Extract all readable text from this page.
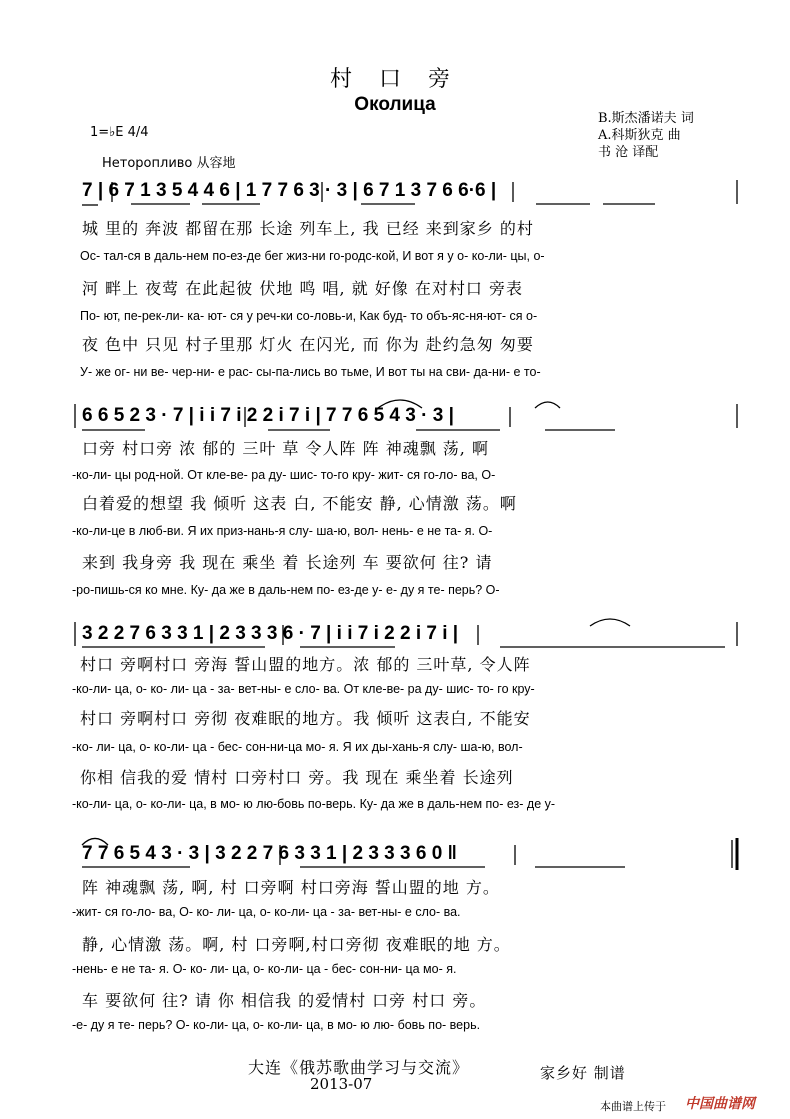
村 口 旁
Околица
1=♭E 4/4
Неторопливо 从容地
B.斯杰潘诺夫 词
A.科斯狄克 曲
书 沧 译配
7 | 6 7 1 3 5 4 4 6 | 1 7 7 6 3 · 3 | 6 7 1 3 7 6 6·6 |
城 里的 奔波 都留在那 长途 列车上, 我 已经 来到家乡 的村
Ос- тал-ся в даль-нем по-ез-де бег жиз-ни го-родс-кой, И вот я у о- ко-ли- цы, о-
河 畔上 夜莺 在此起彼 伏地 鸣 唱, 就 好像 在对村口 旁表
По- ют, пе-рек-ли- ка- ют- ся у реч-ки со-ловь-и, Как буд- то объ-яс-ня-ют- ся о-
夜 色中 只见 村子里那 灯火 在闪光, 而 你为 赴约急匆 匆要
У- же ог- ни ве- чер-ни- е рас- сы-па-лись во тьме, И вот ты на сви- да-ни- е то-
6 6 5 2 3 · 7 | i i 7 i 2 2 i 7 i | 7 7 6 5 4 3 · 3 |
口旁 村口旁 浓 郁的 三叶 草 令人阵 阵 神魂飘 荡, 啊
-ко-ли- цы род-ной. От кле-ве- ра ду- шис- то-го кру- жит- ся го-ло- ва, О-
白着爱的想望 我 倾听 这表 白, 不能安 静, 心情激 荡。啊
-ко-ли-це в люб-ви. Я их приз-нань-я слу- ша-ю, вол- нень- е не та- я. О-
来到 我身旁 我 现在 乘坐 着 长途列 车 要欲何 往? 请
-ро-пишь-ся ко мне. Ку- да же в даль-нем по- ез-де у- е- ду я те- перь? О-
3 2 2 7 6 3 3 1 | 2 3 3 3 6 · 7 | i i 7 i 2 2 i 7 i |
村口 旁啊村口 旁海 誓山盟的地方。浓 郁的 三叶草, 令人阵
-ко-ли- ца, о- ко- ли- ца - за- вет-ны- е сло- ва. От кле-ве- ра ду- шис- то- го кру-
村口 旁啊村口 旁彻 夜难眠的地方。我 倾听 这表白, 不能安
-ко- ли- ца, о- ко-ли- ца - бес- сон-ни-ца мо- я. Я их ды-хань-я слу- ша-ю, вол-
你相 信我的爱 情村 口旁村口 旁。我 现在 乘坐着 长途列
-ко-ли- ца, о- ко-ли- ца, в мо- ю лю-бовь по-верь. Ку- да же в даль-нем по- ез- де у-
7 7 6 5 4 3 · 3 | 3 2 2 7 6 3 3 1 | 2 3 3 3 6 0 ‖
阵 神魂飘 荡, 啊, 村 口旁啊 村口旁海 誓山盟的地 方。
-жит- ся го-ло- ва, О- ко- ли- ца, о- ко-ли- ца - за- вет-ны- е сло- ва.
静, 心情激 荡。啊, 村 口旁啊,村口旁彻 夜难眠的地 方。
-нень- е не та- я. О- ко- ли- ца, о- ко-ли- ца - бес- сон-ни- ца мо- я.
车 要欲何 往? 请 你 相信我 的爱情村 口旁 村口 旁。
-е- ду я те- перь? О- ко-ли- ца, о- ко-ли- ца, в мо- ю лю- бовь по- верь.
大连《俄苏歌曲学习与交流》
2013-07
家乡好 制谱
本曲谱上传于 中国曲谱网
